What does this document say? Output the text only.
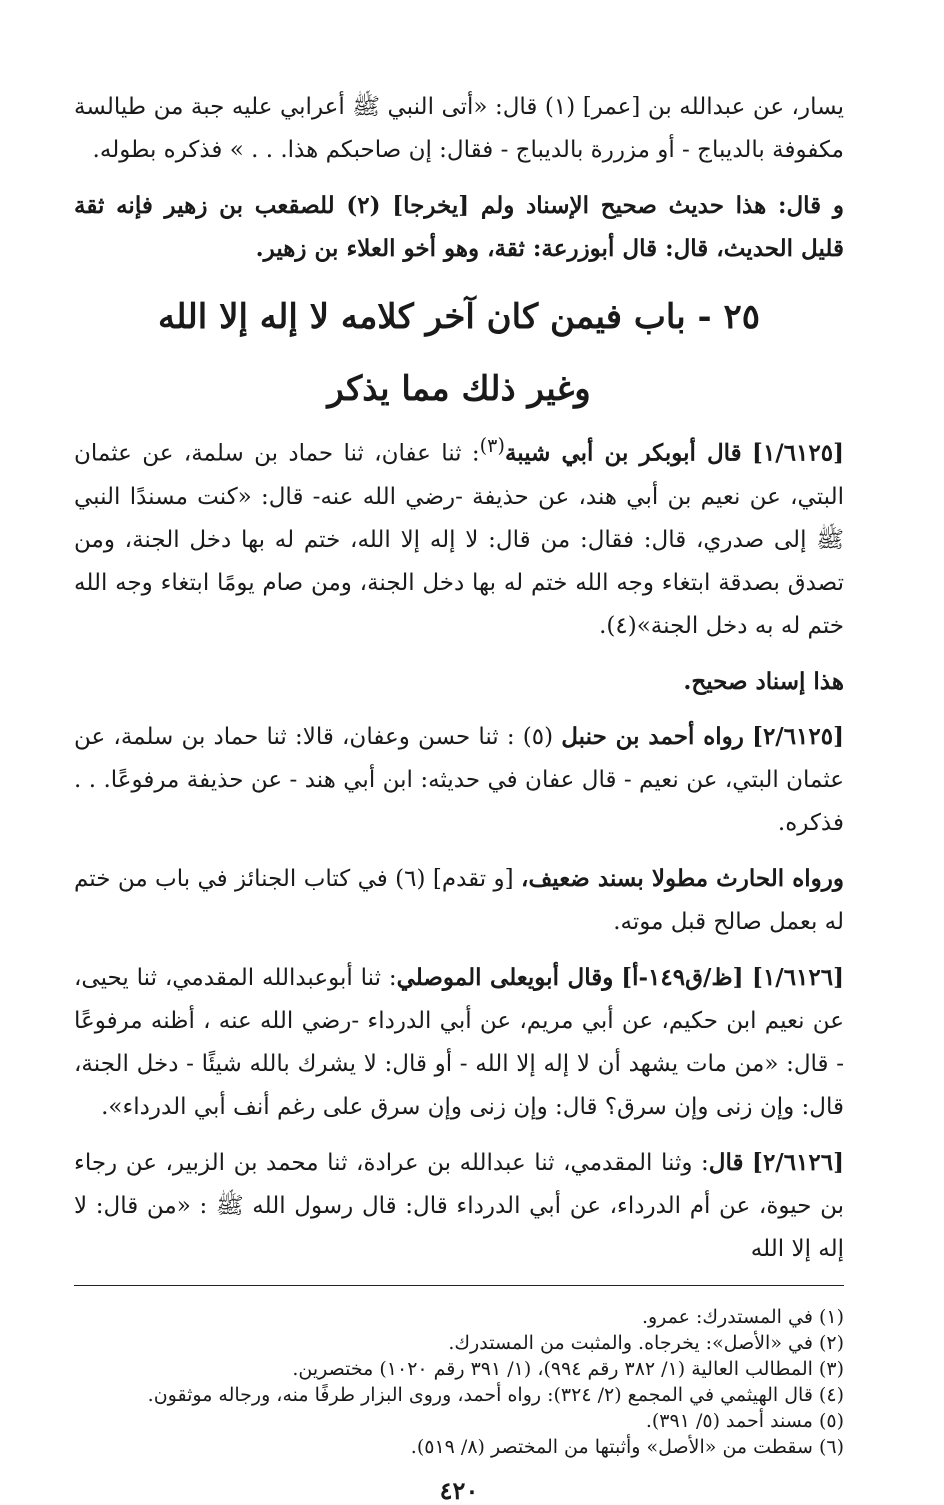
يسار، عن عبدالله بن [عمر] (١) قال: «أتى النبي ﷺ أعرابي عليه جبة من طيالسة مكفوفة بالديباج - أو مزررة بالديباج - فقال: إن صاحبكم هذا. . . » فذكره بطوله.

و قال: هذا حديث صحيح الإسناد ولم [يخرجا] (٢) للصقعب بن زهير فإنه ثقة قليل الحديث، قال: قال أبوزرعة: ثقة، وهو أخو العلاء بن زهير.

٢٥ - باب فيمن كان آخر كلامه لا إله إلا الله

وغير ذلك مما يذكر

[١/٦١٢٥] قال أبوبكر بن أبي شيبة$^{(٣)}$: ثنا عفان، ثنا حماد بن سلمة، عن عثمان البتي، عن نعيم بن أبي هند، عن حذيفة -رضي الله عنه- قال: «كنت مسندًا النبي ﷺ إلى صدري، قال: فقال: من قال: لا إله إلا الله، ختم له بها دخل الجنة، ومن تصدق بصدقة ابتغاء وجه الله ختم له بها دخل الجنة، ومن صام يومًا ابتغاء وجه الله ختم له به دخل الجنة»(٤).

هذا إسناد صحيح.

[٢/٦١٢٥] رواه أحمد بن حنبل (٥) : ثنا حسن وعفان، قالا: ثنا حماد بن سلمة، عن عثمان البتي، عن نعيم - قال عفان في حديثه: ابن أبي هند - عن حذيفة مرفوعًا. . . فذكره.

ورواه الحارث مطولا بسند ضعيف، [و تقدم] (٦) في كتاب الجنائز في باب من ختم له بعمل صالح قبل موته.

[١/٦١٢٦] [ظ/ق١٤٩-أ] وقال أبويعلى الموصلي: ثنا أبوعبدالله المقدمي، ثنا يحيى، عن نعيم ابن حكيم، عن أبي مريم، عن أبي الدرداء -رضي الله عنه ، أظنه مرفوعًا - قال: «من مات يشهد أن لا إله إلا الله - أو قال: لا يشرك بالله شيئًا - دخل الجنة، قال: وإن زنى وإن سرق؟ قال: وإن زنى وإن سرق على رغم أنف أبي الدرداء».

[٢/٦١٢٦] قال: وثنا المقدمي، ثنا عبدالله بن عرادة، ثنا محمد بن الزبير، عن رجاء بن حيوة، عن أم الدرداء، عن أبي الدرداء قال: قال رسول الله ﷺ : «من قال: لا إله إلا الله

(١) في المستدرك: عمرو.

(٢) في «الأصل»: يخرجاه. والمثبت من المستدرك.

(٣) المطالب العالية (١/ ٣٨٢ رقم ٩٩٤)، (١/ ٣٩١ رقم ١٠٢٠) مختصرين.

(٤) قال الهيثمي في المجمع (٢/ ٣٢٤): رواه أحمد، وروى البزار طرفًا منه، ورجاله موثقون.

(٥) مسند أحمد (٥/ ٣٩١).

(٦) سقطت من «الأصل» وأثبتها من المختصر (٨/ ٥١٩).

٤٢٠
